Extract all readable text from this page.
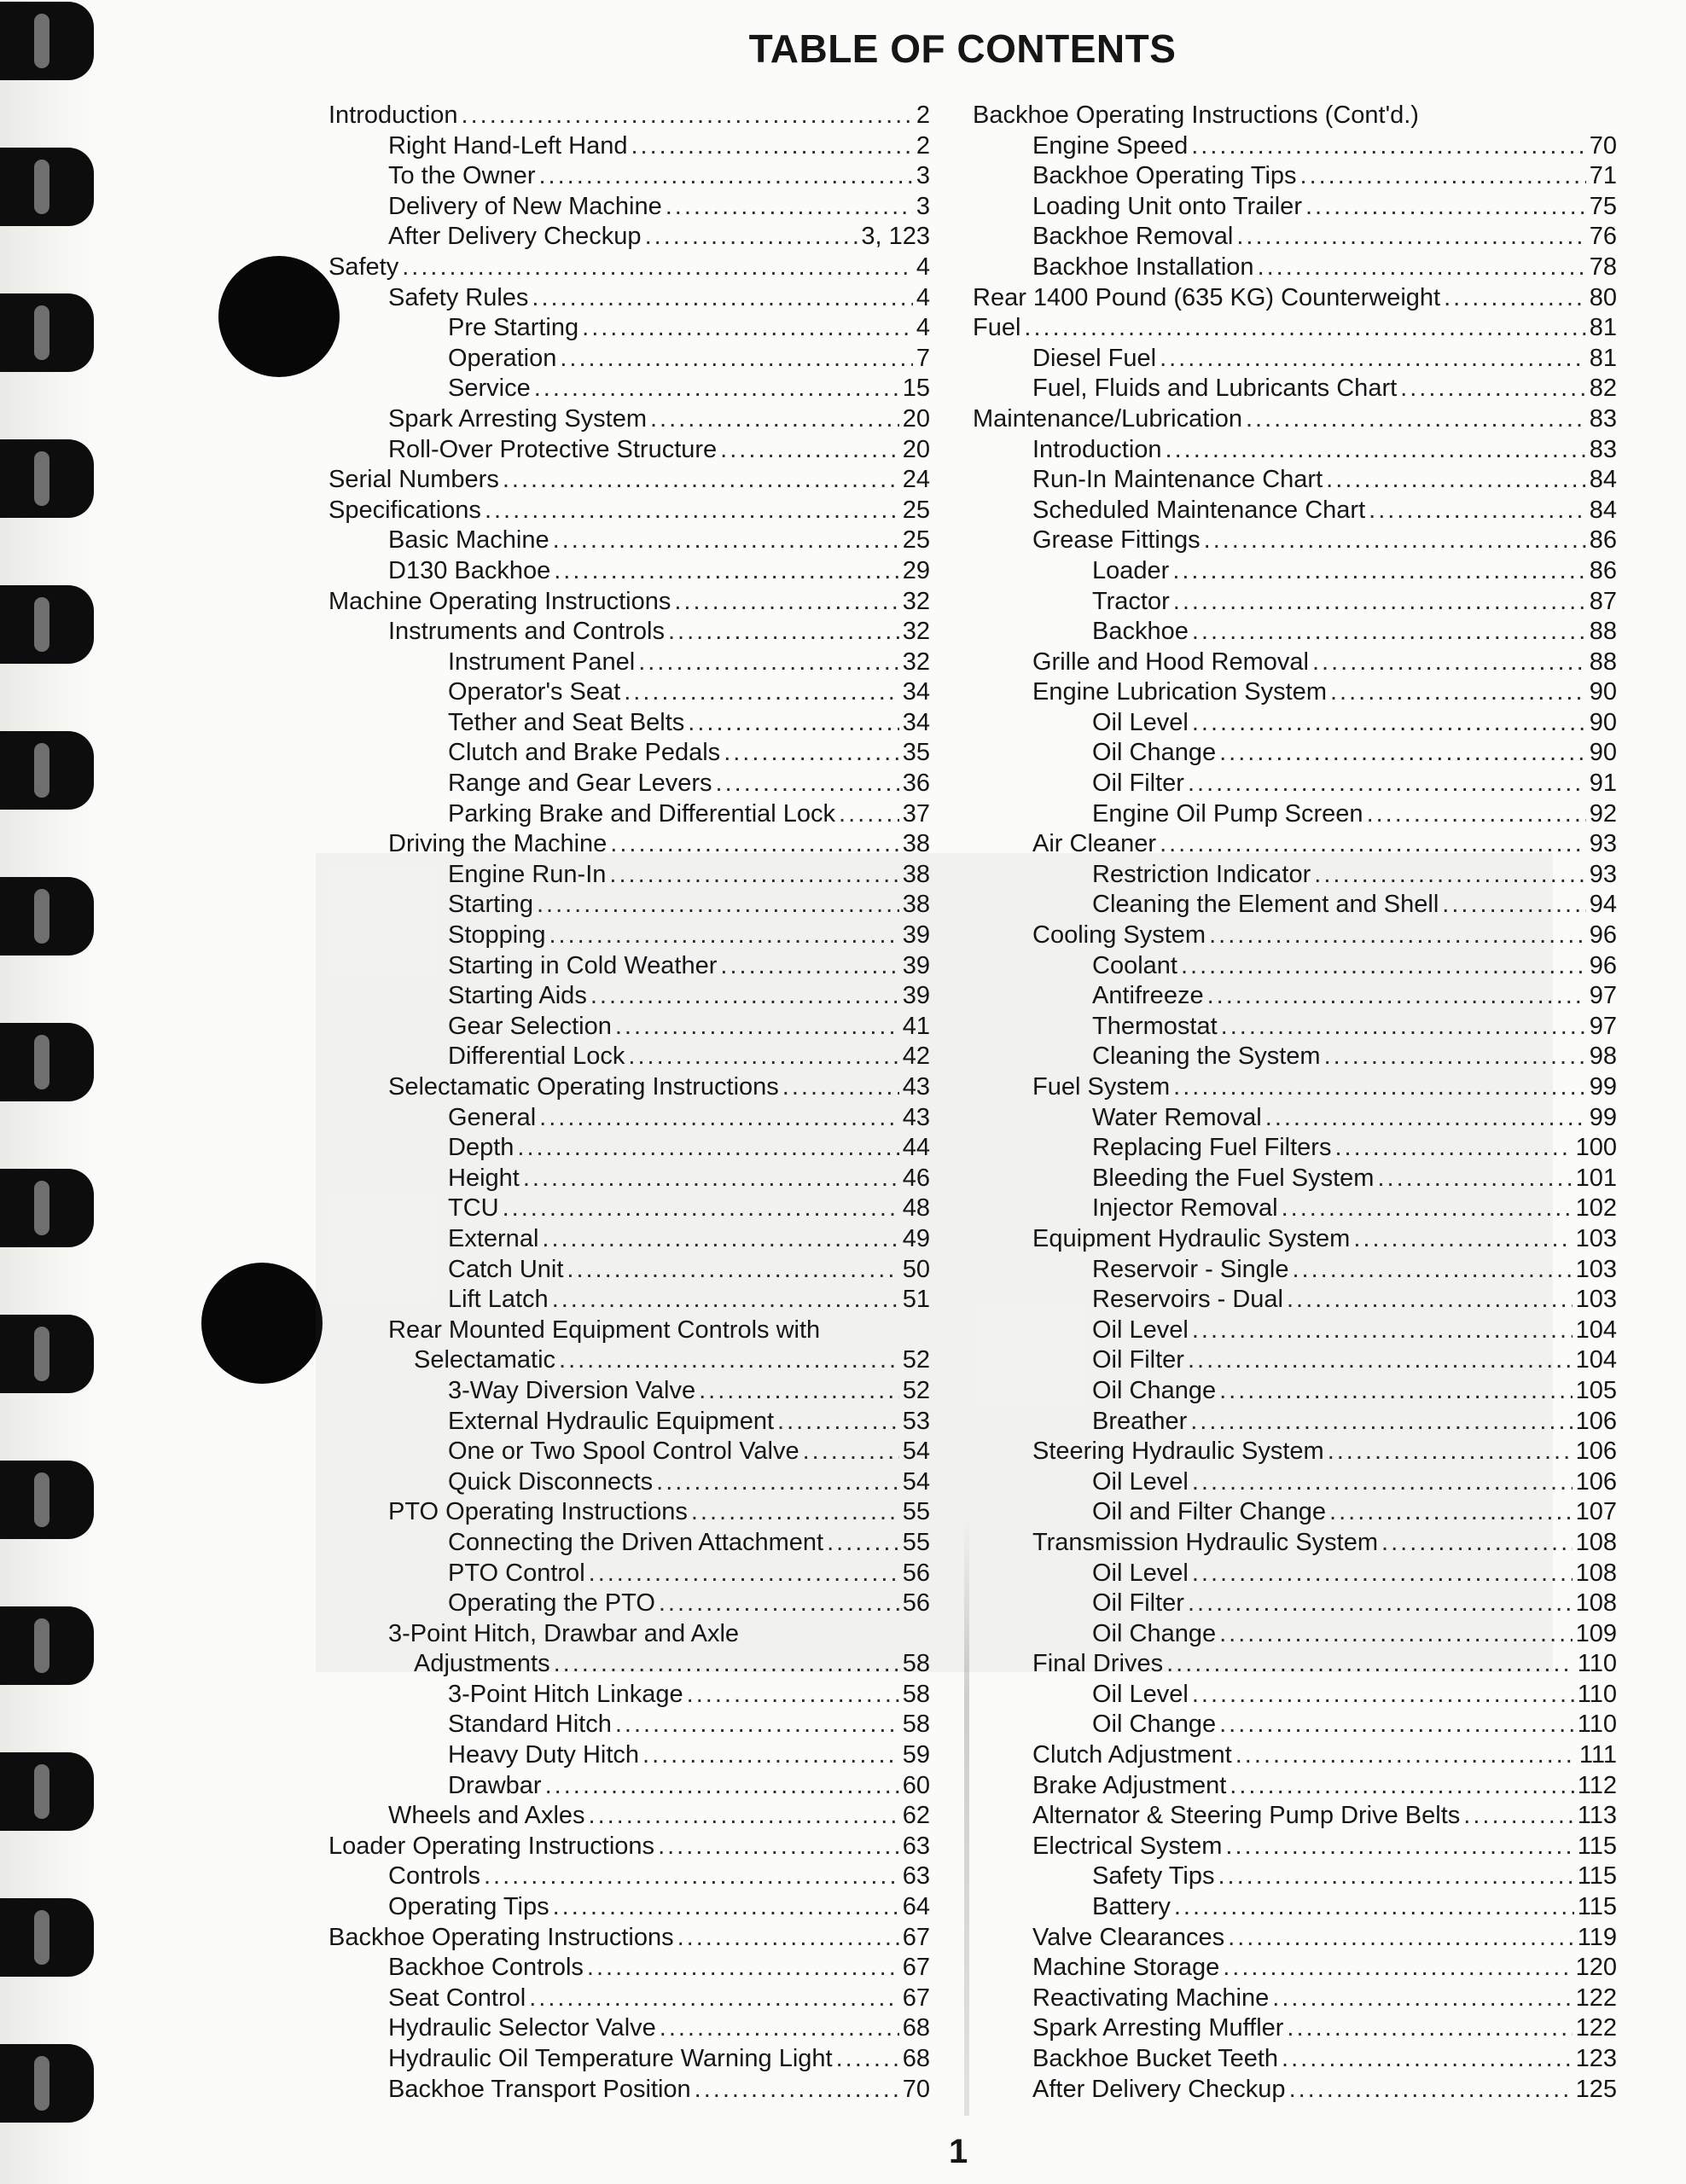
TABLE OF CONTENTS
Introduction .....	2
Right Hand-Left Hand .....	2
To the Owner .....	3
Delivery of New Machine .....	3
After Delivery Checkup .....	3, 123
Safety .....	4
Safety Rules .....	4
Pre Starting .....	4
Operation .....	7
Service .....	15
Spark Arresting System .....	20
Roll-Over Protective Structure .....	20
Serial Numbers .....	24
Specifications .....	25
Basic Machine .....	25
D130 Backhoe .....	29
Machine Operating Instructions .....	32
Instruments and Controls .....	32
Instrument Panel .....	32
Operator's Seat .....	34
Tether and Seat Belts .....	34
Clutch and Brake Pedals .....	35
Range and Gear Levers .....	36
Parking Brake and Differential Lock .....	37
Driving the Machine .....	38
Engine Run-In .....	38
Starting .....	38
Stopping .....	39
Starting in Cold Weather .....	39
Starting Aids .....	39
Gear Selection .....	41
Differential Lock .....	42
Selectamatic Operating Instructions .....	43
General .....	43
Depth .....	44
Height .....	46
TCU .....	48
External .....	49
Catch Unit .....	50
Lift Latch .....	51
Rear Mounted Equipment Controls with
Selectamatic .....	52
3-Way Diversion Valve .....	52
External Hydraulic Equipment .....	53
One or Two Spool Control Valve .....	54
Quick Disconnects .....	54
PTO Operating Instructions .....	55
Connecting the Driven Attachment .....	55
PTO Control .....	56
Operating the PTO .....	56
3-Point Hitch, Drawbar and Axle
Adjustments .....	58
3-Point Hitch Linkage .....	58
Standard Hitch .....	58
Heavy Duty Hitch .....	59
Drawbar .....	60
Wheels and Axles .....	62
Loader Operating Instructions .....	63
Controls .....	63
Operating Tips .....	64
Backhoe Operating Instructions .....	67
Backhoe Controls .....	67
Seat Control .....	67
Hydraulic Selector Valve .....	68
Hydraulic Oil Temperature Warning Light .....	68
Backhoe Transport Position .....	70
Backhoe Operating Instructions (Cont'd.)
Engine Speed .....	70
Backhoe Operating Tips .....	71
Loading Unit onto Trailer .....	75
Backhoe Removal .....	76
Backhoe Installation .....	78
Rear 1400 Pound (635 KG) Counterweight .....	80
Fuel .....	81
Diesel Fuel .....	81
Fuel, Fluids and Lubricants Chart .....	82
Maintenance/Lubrication .....	83
Introduction .....	83
Run-In Maintenance Chart .....	84
Scheduled Maintenance Chart .....	84
Grease Fittings .....	86
Loader .....	86
Tractor .....	87
Backhoe .....	88
Grille and Hood Removal .....	88
Engine Lubrication System .....	90
Oil Level .....	90
Oil Change .....	90
Oil Filter .....	91
Engine Oil Pump Screen .....	92
Air Cleaner .....	93
Restriction Indicator .....	93
Cleaning the Element and Shell .....	94
Cooling System .....	96
Coolant .....	96
Antifreeze .....	97
Thermostat .....	97
Cleaning the System .....	98
Fuel System .....	99
Water Removal .....	99
Replacing Fuel Filters .....	100
Bleeding the Fuel System .....	101
Injector Removal .....	102
Equipment Hydraulic System .....	103
Reservoir - Single .....	103
Reservoirs - Dual .....	103
Oil Level .....	104
Oil Filter .....	104
Oil Change .....	105
Breather .....	106
Steering Hydraulic System .....	106
Oil Level .....	106
Oil and Filter Change .....	107
Transmission Hydraulic System .....	108
Oil Level .....	108
Oil Filter .....	108
Oil Change .....	109
Final Drives .....	110
Oil Level .....	110
Oil Change .....	110
Clutch Adjustment .....	111
Brake Adjustment .....	112
Alternator & Steering Pump Drive Belts .....	113
Electrical System .....	115
Safety Tips .....	115
Battery .....	115
Valve Clearances .....	119
Machine Storage .....	120
Reactivating Machine .....	122
Spark Arresting Muffler .....	122
Backhoe Bucket Teeth .....	123
After Delivery Checkup .....	125
1
